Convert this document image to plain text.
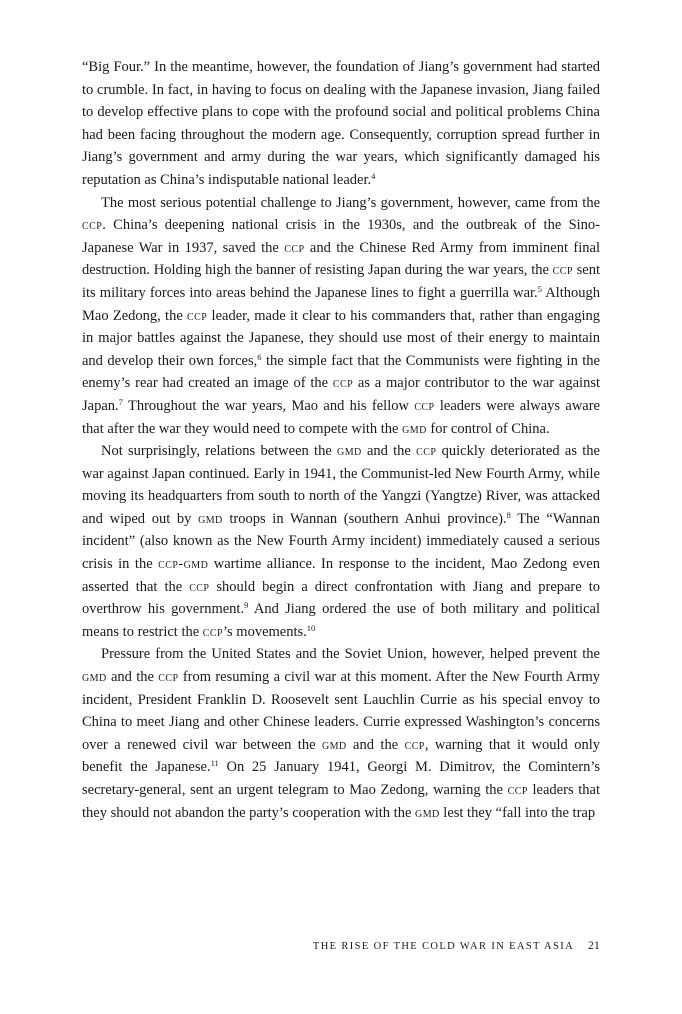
“Big Four.” In the meantime, however, the foundation of Jiang’s government had started to crumble. In fact, in having to focus on dealing with the Japanese invasion, Jiang failed to develop effective plans to cope with the profound social and political problems China had been facing throughout the modern age. Consequently, corruption spread further in Jiang’s government and army during the war years, which significantly damaged his reputation as China’s indisputable national leader.$^4$

The most serious potential challenge to Jiang’s government, however, came from the ccp. China’s deepening national crisis in the 1930s, and the outbreak of the Sino-Japanese War in 1937, saved the ccp and the Chinese Red Army from imminent final destruction. Holding high the banner of resisting Japan during the war years, the ccp sent its military forces into areas behind the Japanese lines to fight a guerrilla war.$^5$ Although Mao Zedong, the ccp leader, made it clear to his commanders that, rather than engaging in major battles against the Japanese, they should use most of their energy to maintain and develop their own forces,$^6$ the simple fact that the Communists were fighting in the enemy’s rear had created an image of the ccp as a major contributor to the war against Japan.$^7$ Throughout the war years, Mao and his fellow ccp leaders were always aware that after the war they would need to compete with the gmd for control of China.

Not surprisingly, relations between the gmd and the ccp quickly deteriorated as the war against Japan continued. Early in 1941, the Communist-led New Fourth Army, while moving its headquarters from south to north of the Yangzi (Yangtze) River, was attacked and wiped out by gmd troops in Wannan (southern Anhui province).$^8$ The “Wannan incident” (also known as the New Fourth Army incident) immediately caused a serious crisis in the ccp-gmd wartime alliance. In response to the incident, Mao Zedong even asserted that the ccp should begin a direct confrontation with Jiang and prepare to overthrow his government.$^9$ And Jiang ordered the use of both military and political means to restrict the ccp’s movements.$^{10}$

Pressure from the United States and the Soviet Union, however, helped prevent the gmd and the ccp from resuming a civil war at this moment. After the New Fourth Army incident, President Franklin D. Roosevelt sent Lauchlin Currie as his special envoy to China to meet Jiang and other Chinese leaders. Currie expressed Washington’s concerns over a renewed civil war between the gmd and the ccp, warning that it would only benefit the Japanese.$^{11}$ On 25 January 1941, Georgi M. Dimitrov, the Comintern’s secretary-general, sent an urgent telegram to Mao Zedong, warning the ccp leaders that they should not abandon the party’s cooperation with the gmd lest they “fall into the trap

THE RISE OF THE COLD WAR IN EAST ASIA 21
